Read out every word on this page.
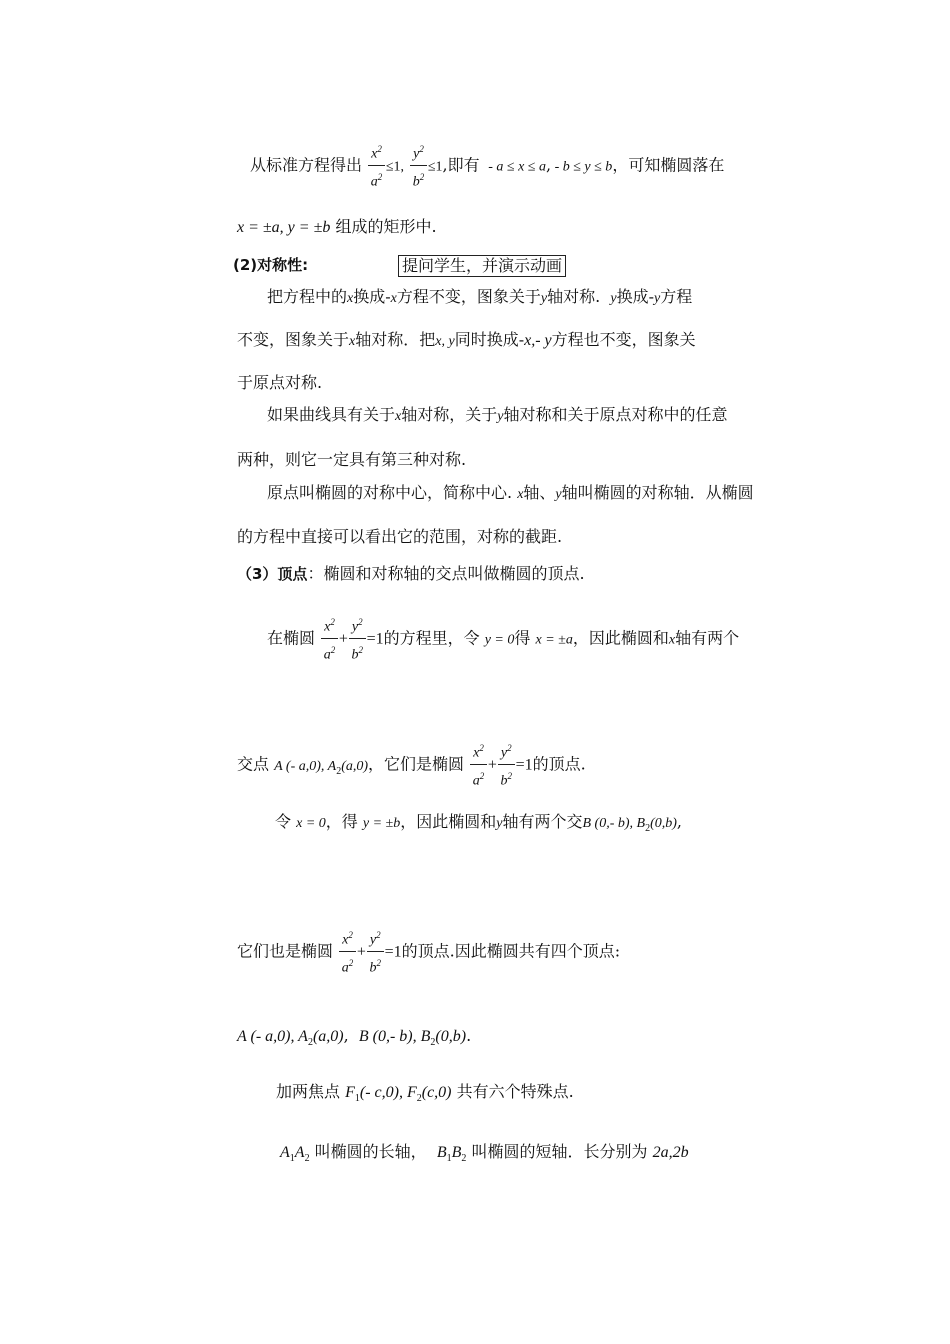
从标准方程得出 $\frac{x^2}{a^2} \le 1$, $\frac{y^2}{b^2} \le 1$,即有  - a ≤ x ≤ a, - b ≤ y ≤ b，可知椭圆落在
x = ±a, y = ±b 组成的矩形中.
(2)对称性:	提问学生，并演示动画
把方程中的x换成-x方程不变，图象关于y轴对称. y换成-y方程
不变，图象关于x轴对称．把x, y同时换成-x,- y方程也不变，图象关
于原点对称.
如果曲线具有关于x轴对称，关于y轴对称和关于原点对称中的任意
两种，则它一定具有第三种对称.
原点叫椭圆的对称中心，简称中心. x轴、y轴叫椭圆的对称轴．从椭圆
的方程中直接可以看出它的范围，对称的截距.
（3）顶点：椭圆和对称轴的交点叫做椭圆的顶点.
在椭圆 $\frac{x^2}{a^2} + \frac{y^2}{b^2} =1$的方程里，令 y = 0得 x = ±a，因此椭圆和x轴有两个
交点 A (- a,0), $A_2(a,0)$，它们是椭圆 $\frac{x^2}{a^2} + \frac{y^2}{b^2} =1$的顶点.
令 x = 0，得 y = ±b，因此椭圆和y轴有两个交B (0,- b), $B_2(0,b)$,
它们也是椭圆 $\frac{x^2}{a^2} + \frac{y^2}{b^2} =1$的顶点.因此椭圆共有四个顶点:
A (- a,0), $A_2(a,0)$,  B (0,- b), $B_2(0,b)$.
加两焦点 $F_1(-$ c,0), $F_2(c,0)$ 共有六个特殊点.
$A_1A_2$ 叫椭圆的长轴， $B_1B_2$ 叫椭圆的短轴．长分别为 2a,2b
